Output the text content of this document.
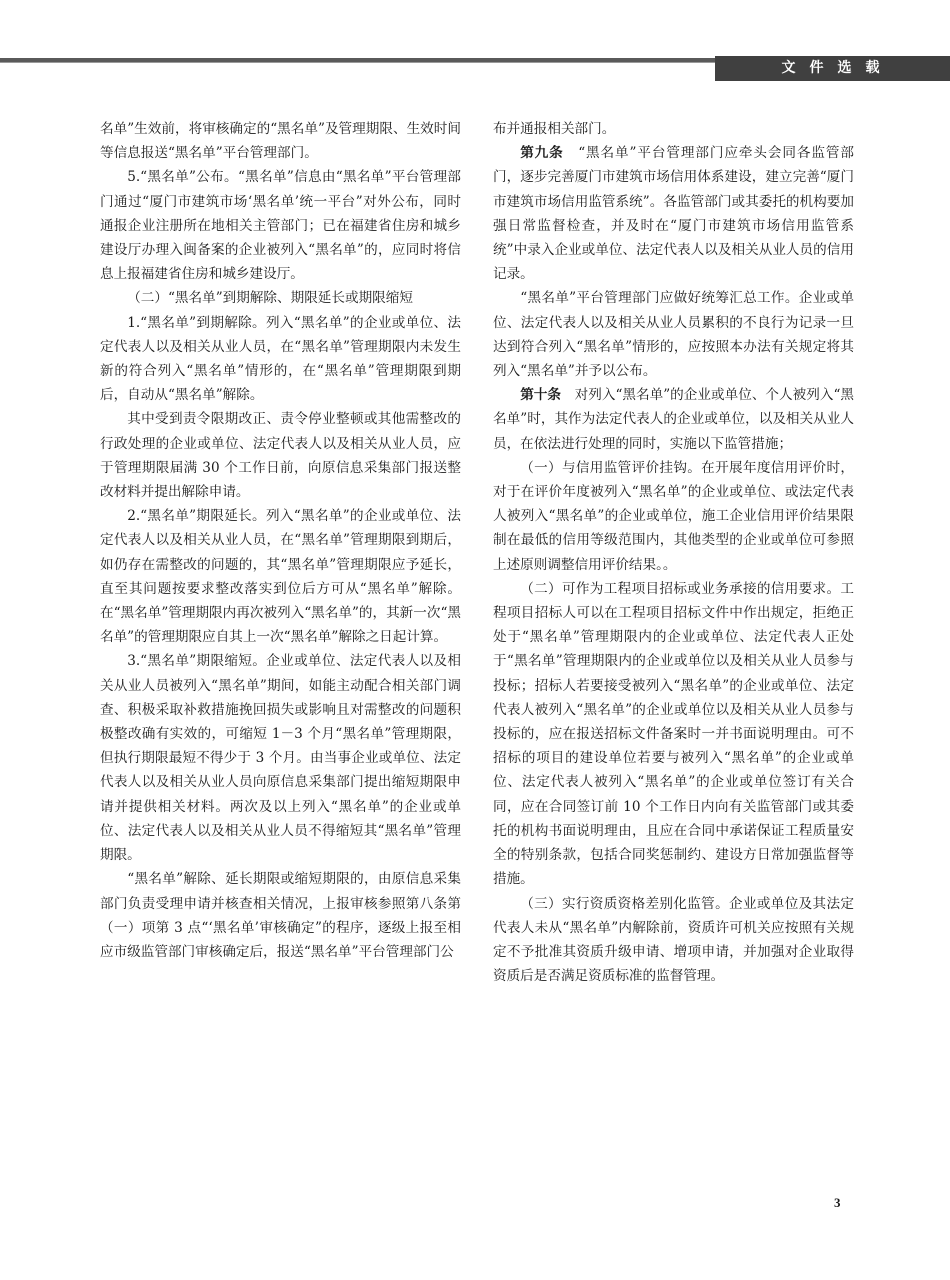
文件选载

名单”生效前，将审核确定的“黑名单”及管理期限、生效时间等信息报送“黑名单”平台管理部门。

5.“黑名单”公布。“黑名单”信息由“黑名单”平台管理部门通过“厦门市建筑市场‘黑名单’统一平台”对外公布，同时通报企业注册所在地相关主管部门；已在福建省住房和城乡建设厅办理入闽备案的企业被列入“黑名单”的，应同时将信息上报福建省住房和城乡建设厅。

（二）“黑名单”到期解除、期限延长或期限缩短

1.“黑名单”到期解除。列入“黑名单”的企业或单位、法定代表人以及相关从业人员，在“黑名单”管理期限内未发生新的符合列入“黑名单”情形的，在“黑名单”管理期限到期后，自动从“黑名单”解除。

其中受到责令限期改正、责令停业整顿或其他需整改的行政处理的企业或单位、法定代表人以及相关从业人员，应于管理期限届满 30 个工作日前，向原信息采集部门报送整改材料并提出解除申请。

2.“黑名单”期限延长。列入“黑名单”的企业或单位、法定代表人以及相关从业人员，在“黑名单”管理期限到期后，如仍存在需整改的问题的，其“黑名单”管理期限应予延长，直至其问题按要求整改落实到位后方可从“黑名单”解除。在“黑名单”管理期限内再次被列入“黑名单”的，其新一次“黑名单”的管理期限应自其上一次“黑名单”解除之日起计算。

3.“黑名单”期限缩短。企业或单位、法定代表人以及相关从业人员被列入“黑名单”期间，如能主动配合相关部门调查、积极采取补救措施挽回损失或影响且对需整改的问题积极整改确有实效的，可缩短 1－3 个月“黑名单”管理期限，但执行期限最短不得少于 3 个月。由当事企业或单位、法定代表人以及相关从业人员向原信息采集部门提出缩短期限申请并提供相关材料。两次及以上列入“黑名单”的企业或单位、法定代表人以及相关从业人员不得缩短其“黑名单”管理期限。

“黑名单”解除、延长期限或缩短期限的，由原信息采集部门负责受理申请并核查相关情况，上报审核参照第八条第（一）项第 3 点“‘黑名单’审核确定”的程序，逐级上报至相应市级监管部门审核确定后，报送“黑名单”平台管理部门公

布并通报相关部门。

第九条　 “黑名单”平台管理部门应牵头会同各监管部门，逐步完善厦门市建筑市场信用体系建设，建立完善“厦门市建筑市场信用监管系统”。各监管部门或其委托的机构要加强日常监督检查，并及时在“厦门市建筑市场信用监管系统”中录入企业或单位、法定代表人以及相关从业人员的信用记录。

“黑名单”平台管理部门应做好统筹汇总工作。企业或单位、法定代表人以及相关从业人员累积的不良行为记录一旦达到符合列入“黑名单”情形的，应按照本办法有关规定将其列入“黑名单”并予以公布。

第十条　 对列入“黑名单”的企业或单位、个人被列入“黑名单”时，其作为法定代表人的企业或单位，以及相关从业人员，在依法进行处理的同时，实施以下监管措施；

（一）与信用监管评价挂钩。在开展年度信用评价时，对于在评价年度被列入“黑名单”的企业或单位、或法定代表人被列入“黑名单”的企业或单位，施工企业信用评价结果限制在最低的信用等级范围内，其他类型的企业或单位可参照上述原则调整信用评价结果。。

（二）可作为工程项目招标或业务承接的信用要求。工程项目招标人可以在工程项目招标文件中作出规定，拒绝正处于“黑名单”管理期限内的企业或单位、法定代表人正处于“黑名单”管理期限内的企业或单位以及相关从业人员参与投标；招标人若要接受被列入“黑名单”的企业或单位、法定代表人被列入“黑名单”的企业或单位以及相关从业人员参与投标的，应在报送招标文件备案时一并书面说明理由。可不招标的项目的建设单位若要与被列入“黑名单”的企业或单位、法定代表人被列入“黑名单”的企业或单位签订有关合同，应在合同签订前 10 个工作日内向有关监管部门或其委托的机构书面说明理由，且应在合同中承诺保证工程质量安全的特别条款，包括合同奖惩制约、建设方日常加强监督等措施。

（三）实行资质资格差别化监管。企业或单位及其法定代表人未从“黑名单”内解除前，资质许可机关应按照有关规定不予批准其资质升级申请、增项申请，并加强对企业取得资质后是否满足资质标准的监督管理。

3
